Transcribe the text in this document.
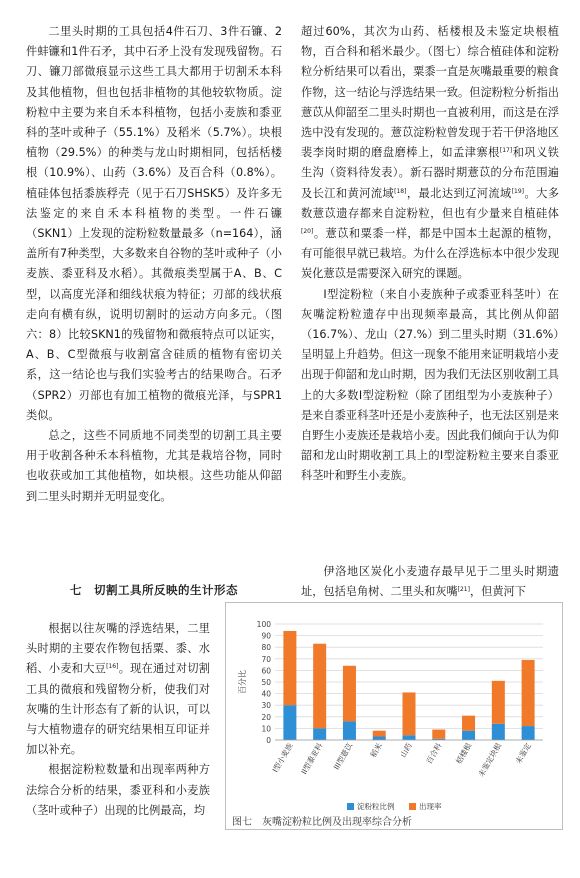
二里头时期的工具包括4件石刀、3件石镰、2件蚌镰和1件石矛，其中石矛上没有发现残留物。石刀、镰刀部微痕显示这些工具大都用于切割禾本科及其他植物，但也包括非植物的其他较软物质。淀粉粒中主要为来自禾本科植物，包括小麦族和黍亚科的茎叶或种子（55.1%）及稻米（5.7%）。块根植物（29.5%）的种类与龙山时期相同，包括栝楼根（10.9%）、山药（3.6%）及百合科（0.8%）。植硅体包括黍族稃壳（见于石刀SHSK5）及许多无法鉴定的来自禾本科植物的类型。一件石镰（SKN1）上发现的淀粉粒数量最多（n=164），涵盖所有7种类型，大多数来自谷物的茎叶或种子（小麦族、黍亚科及水稻）。其微痕类型属于A、B、C型，以高度光泽和细线状痕为特征；刃部的线状痕走向有横有纵，说明切割时的运动方向多元。（图六：8）比较SKN1的残留物和微痕特点可以证实，A、B、C型微痕与收割富含硅质的植物有密切关系，这一结论也与我们实验考古的结果吻合。石矛（SPR2）刃部也有加工植物的微痕光泽，与SPR1类似。

总之，这些不同质地不同类型的切割工具主要用于收割各种禾本科植物，尤其是栽培谷物，同时也收获或加工其他植物，如块根。这些功能从仰韶到二里头时期并无明显变化。

七　切割工具所反映的生计形态

根据以往灰嘴的浮选结果，二里头时期的主要农作物包括粟、黍、水稻、小麦和大豆[16]。现在通过对切割工具的微痕和残留物分析，使我们对灰嘴的生计形态有了新的认识，可以与大植物遗存的研究结果相互印证并加以补充。

根据淀粉粒数量和出现率两种方法综合分析的结果，黍亚科和小麦族（茎叶或种子）出现的比例最高，均

超过60%，其次为山药、栝楼根及未鉴定块根植物，百合科和稻米最少。（图七）综合植硅体和淀粉粒分析结果可以看出，粟黍一直是灰嘴最重要的粮食作物，这一结论与浮选结果一致。但淀粉粒分析指出薏苡从仰韶至二里头时期也一直被利用，而这是在浮选中没有发现的。薏苡淀粉粒曾发现于若干伊洛地区裴李岗时期的磨盘磨棒上，如孟津寨根[17]和巩义铁生沟（资料待发表）。新石器时期薏苡的分布范围遍及长江和黄河流域[18]，最北达到辽河流域[19]。大多数薏苡遗存都来自淀粉粒，但也有少量来自植硅体[20]。薏苡和粟黍一样，都是中国本土起源的植物，有可能很早就已栽培。为什么在浮选标本中很少发现炭化薏苡是需要深入研究的课题。

I型淀粉粒（来自小麦族种子或黍亚科茎叶）在灰嘴淀粉粒遗存中出现频率最高，其比例从仰韶（16.7%）、龙山（27.%）到二里头时期（31.6%）呈明显上升趋势。但这一现象不能用来证明栽培小麦出现于仰韶和龙山时期，因为我们无法区别收割工具上的大多数I型淀粉粒（除了团组型为小麦族种子）是来自黍亚科茎叶还是小麦族种子，也无法区别是来自野生小麦族还是栽培小麦。因此我们倾向于认为仰韶和龙山时期收割工具上的I型淀粉粒主要来自黍亚科茎叶和野生小麦族。

伊洛地区炭化小麦遗存最早见于二里头时期遗址，包括皂角树、二里头和灰嘴[21]，但黄河下

0
10
20
30
40
50
60
70
80
90
100
百分比
I型小麦族 II型黍亚科 III型薏苡 稻米 山药 百合科 栝楼根 未鉴定块根 未鉴定
淀粉粒比例	出现率
图七　灰嘴淀粉粒比例及出现率综合分析
